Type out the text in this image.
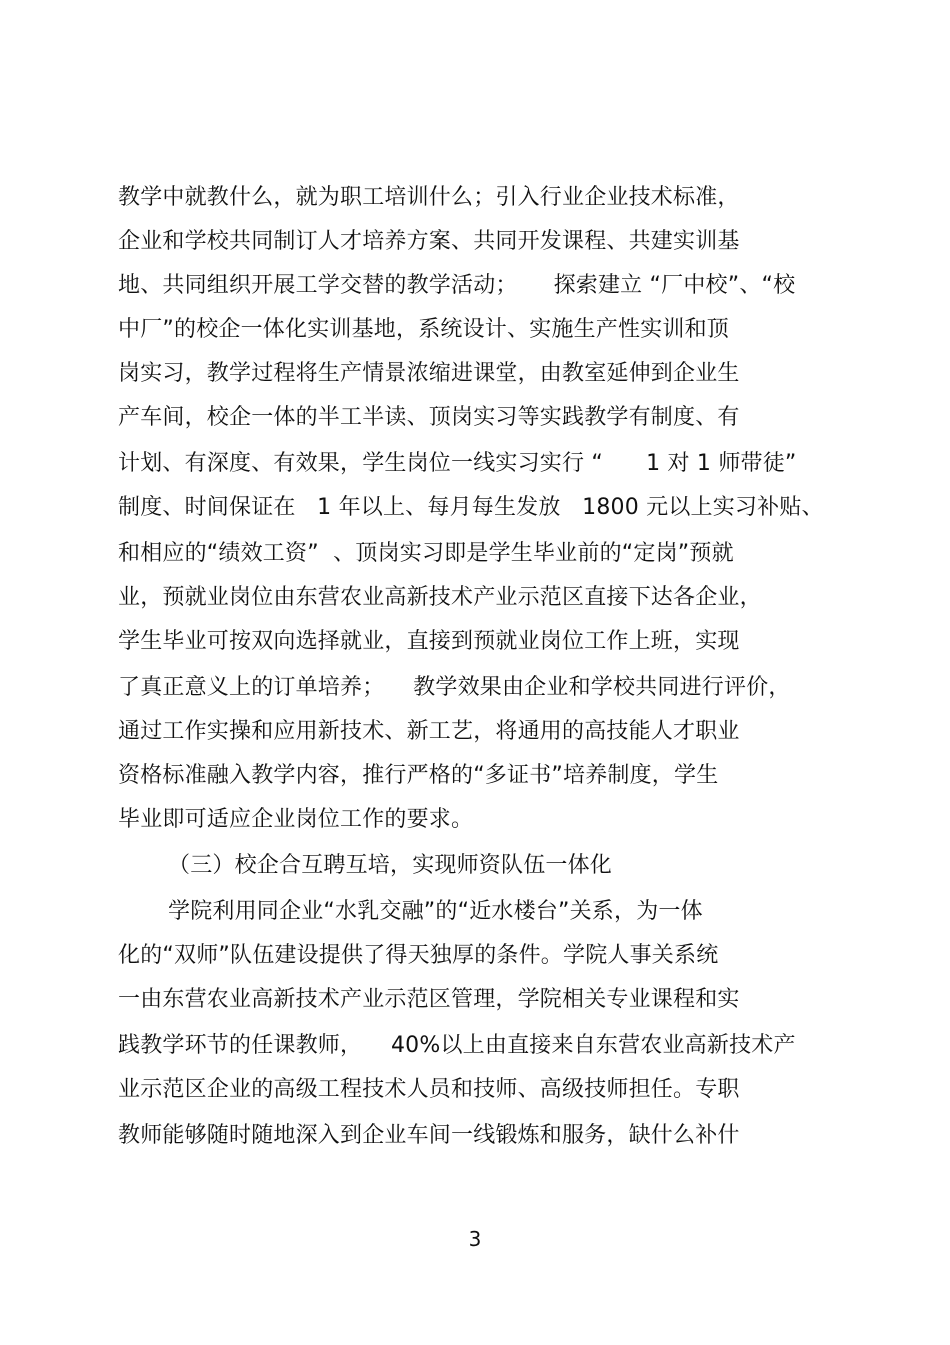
教学中就教什么，就为职工培训什么；引入行业企业技术标准，
企业和学校共同制订人才培养方案、共同开发课程、共建实训基
地、共同组织开展工学交替的教学活动；     探索建立 “厂中校”、“校
中厂”的校企一体化实训基地，系统设计、实施生产性实训和顶
岗实习，教学过程将生产情景浓缩进课堂，由教室延伸到企业生
产车间，校企一体的半工半读、顶岗实习等实践教学有制度、有
计划、有深度、有效果，学生岗位一线实习实行 “      1 对 1 师带徒”
制度、时间保证在   1 年以上、每月每生发放   1800 元以上实习补贴、
和相应的“绩效工资”  、顶岗实习即是学生毕业前的“定岗”预就
业，预就业岗位由东营农业高新技术产业示范区直接下达各企业，
学生毕业可按双向选择就业，直接到预就业岗位工作上班，实现
了真正意义上的订单培养；    教学效果由企业和学校共同进行评价，
通过工作实操和应用新技术、新工艺，将通用的高技能人才职业
资格标准融入教学内容，推行严格的“多证书”培养制度，学生
毕业即可适应企业岗位工作的要求。
（三）校企合互聘互培，实现师资队伍一体化
学院利用同企业“水乳交融”的“近水楼台”关系，为一体
化的“双师”队伍建设提供了得天独厚的条件。学院人事关系统
一由东营农业高新技术产业示范区管理，学院相关专业课程和实
践教学环节的任课教师，    40%以上由直接来自东营农业高新技术产
业示范区企业的高级工程技术人员和技师、高级技师担任。专职
教师能够随时随地深入到企业车间一线锻炼和服务，缺什么补什
3
